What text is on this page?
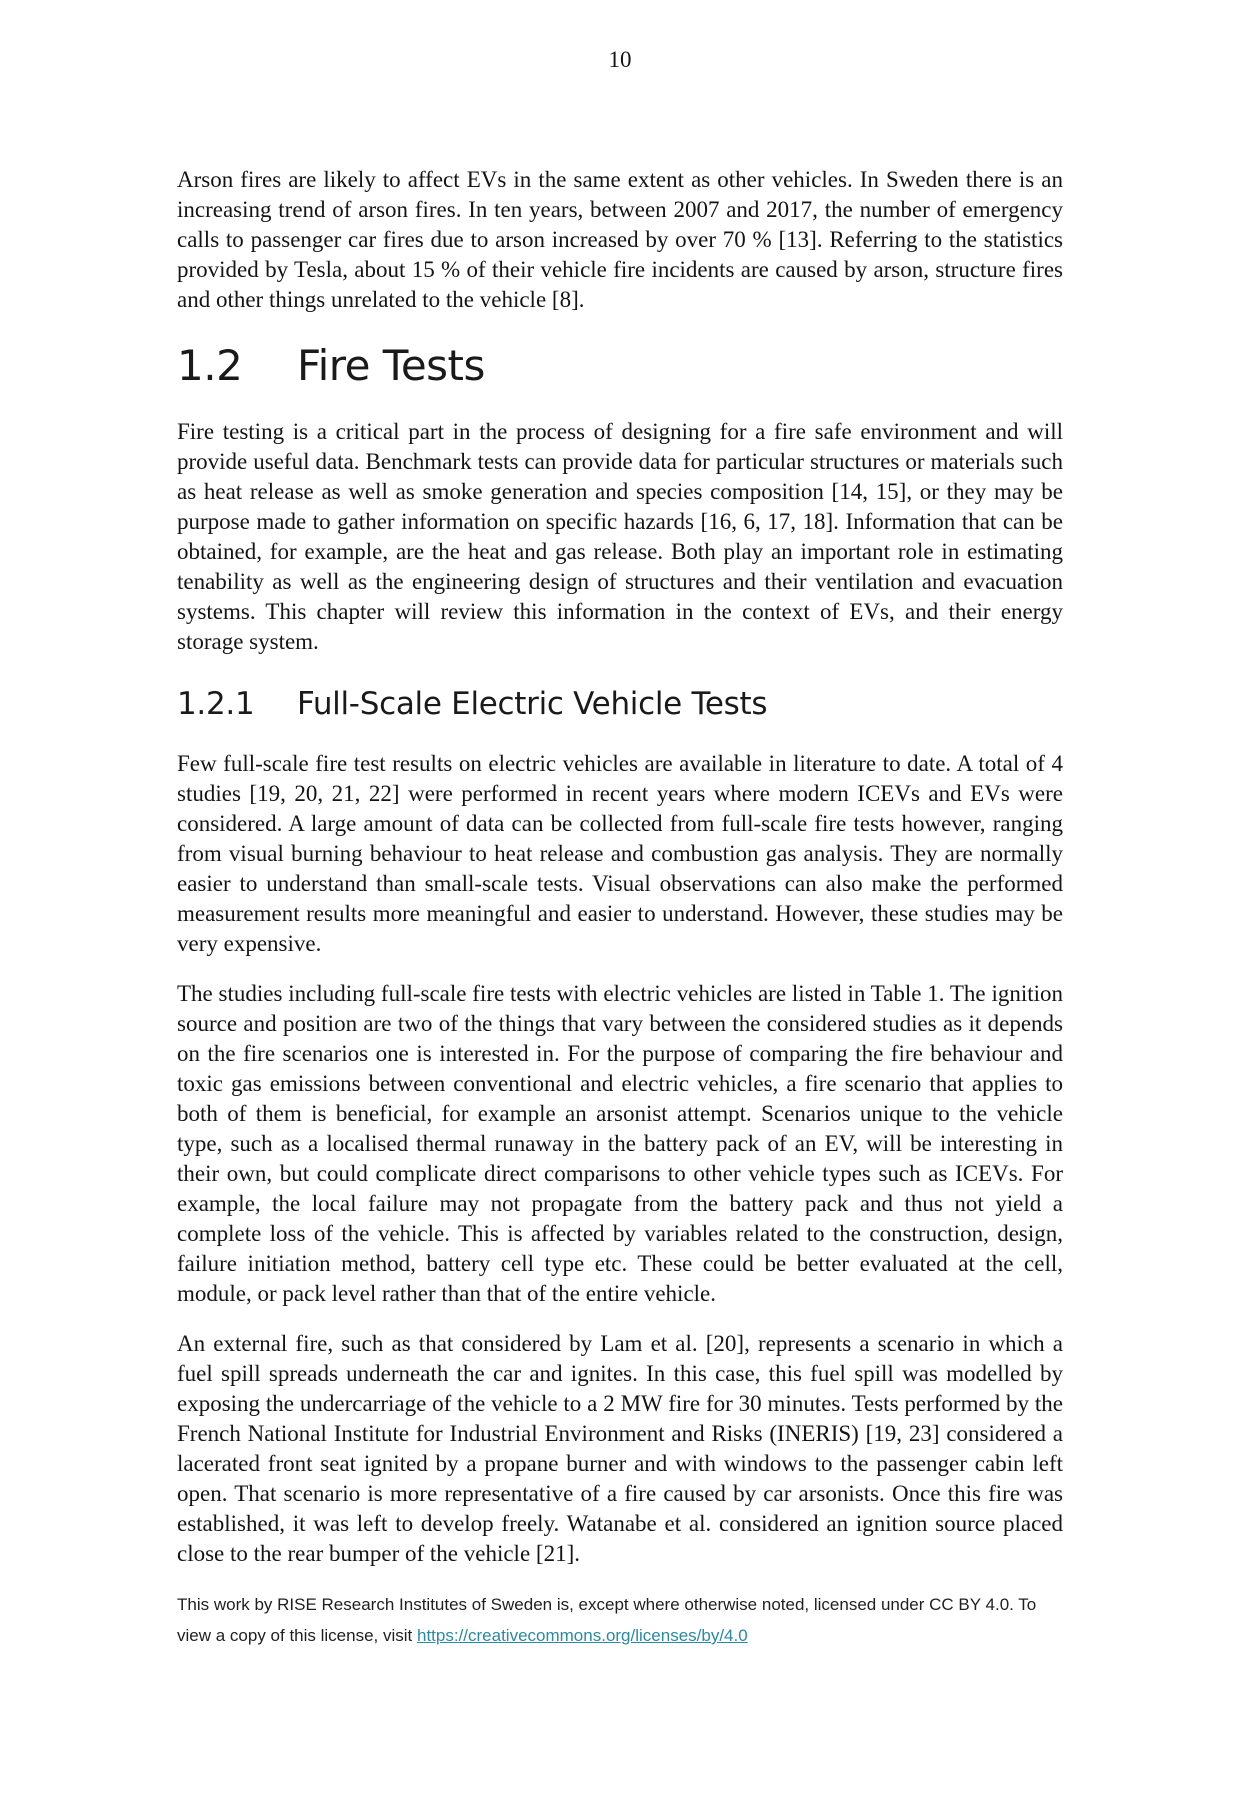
10

Arson fires are likely to affect EVs in the same extent as other vehicles. In Sweden there is an increasing trend of arson fires. In ten years, between 2007 and 2017, the number of emergency calls to passenger car fires due to arson increased by over 70 % [13]. Referring to the statistics provided by Tesla, about 15 % of their vehicle fire incidents are caused by arson, structure fires and other things unrelated to the vehicle [8].

1.2 Fire Tests

Fire testing is a critical part in the process of designing for a fire safe environment and will provide useful data. Benchmark tests can provide data for particular structures or materials such as heat release as well as smoke generation and species composition [14, 15], or they may be purpose made to gather information on specific hazards [16, 6, 17, 18]. Information that can be obtained, for example, are the heat and gas release. Both play an important role in estimating tenability as well as the engineering design of structures and their ventilation and evacuation systems. This chapter will review this information in the context of EVs, and their energy storage system.

1.2.1 Full-Scale Electric Vehicle Tests

Few full-scale fire test results on electric vehicles are available in literature to date. A total of 4 studies [19, 20, 21, 22] were performed in recent years where modern ICEVs and EVs were considered. A large amount of data can be collected from full-scale fire tests however, ranging from visual burning behaviour to heat release and combustion gas analysis. They are normally easier to understand than small-scale tests. Visual observations can also make the performed measurement results more meaningful and easier to understand. However, these studies may be very expensive.

The studies including full-scale fire tests with electric vehicles are listed in Table 1. The ignition source and position are two of the things that vary between the considered studies as it depends on the fire scenarios one is interested in. For the purpose of comparing the fire behaviour and toxic gas emissions between conventional and electric vehicles, a fire scenario that applies to both of them is beneficial, for example an arsonist attempt. Scenarios unique to the vehicle type, such as a localised thermal runaway in the battery pack of an EV, will be interesting in their own, but could complicate direct comparisons to other vehicle types such as ICEVs. For example, the local failure may not propagate from the battery pack and thus not yield a complete loss of the vehicle. This is affected by variables related to the construction, design, failure initiation method, battery cell type etc. These could be better evaluated at the cell, module, or pack level rather than that of the entire vehicle.

An external fire, such as that considered by Lam et al. [20], represents a scenario in which a fuel spill spreads underneath the car and ignites. In this case, this fuel spill was modelled by exposing the undercarriage of the vehicle to a 2 MW fire for 30 minutes. Tests performed by the French National Institute for Industrial Environment and Risks (INERIS) [19, 23] considered a lacerated front seat ignited by a propane burner and with windows to the passenger cabin left open. That scenario is more representative of a fire caused by car arsonists. Once this fire was established, it was left to develop freely. Watanabe et al. considered an ignition source placed close to the rear bumper of the vehicle [21].

This work by RISE Research Institutes of Sweden is, except where otherwise noted, licensed under CC BY 4.0. To view a copy of this license, visit https://creativecommons.org/licenses/by/4.0
